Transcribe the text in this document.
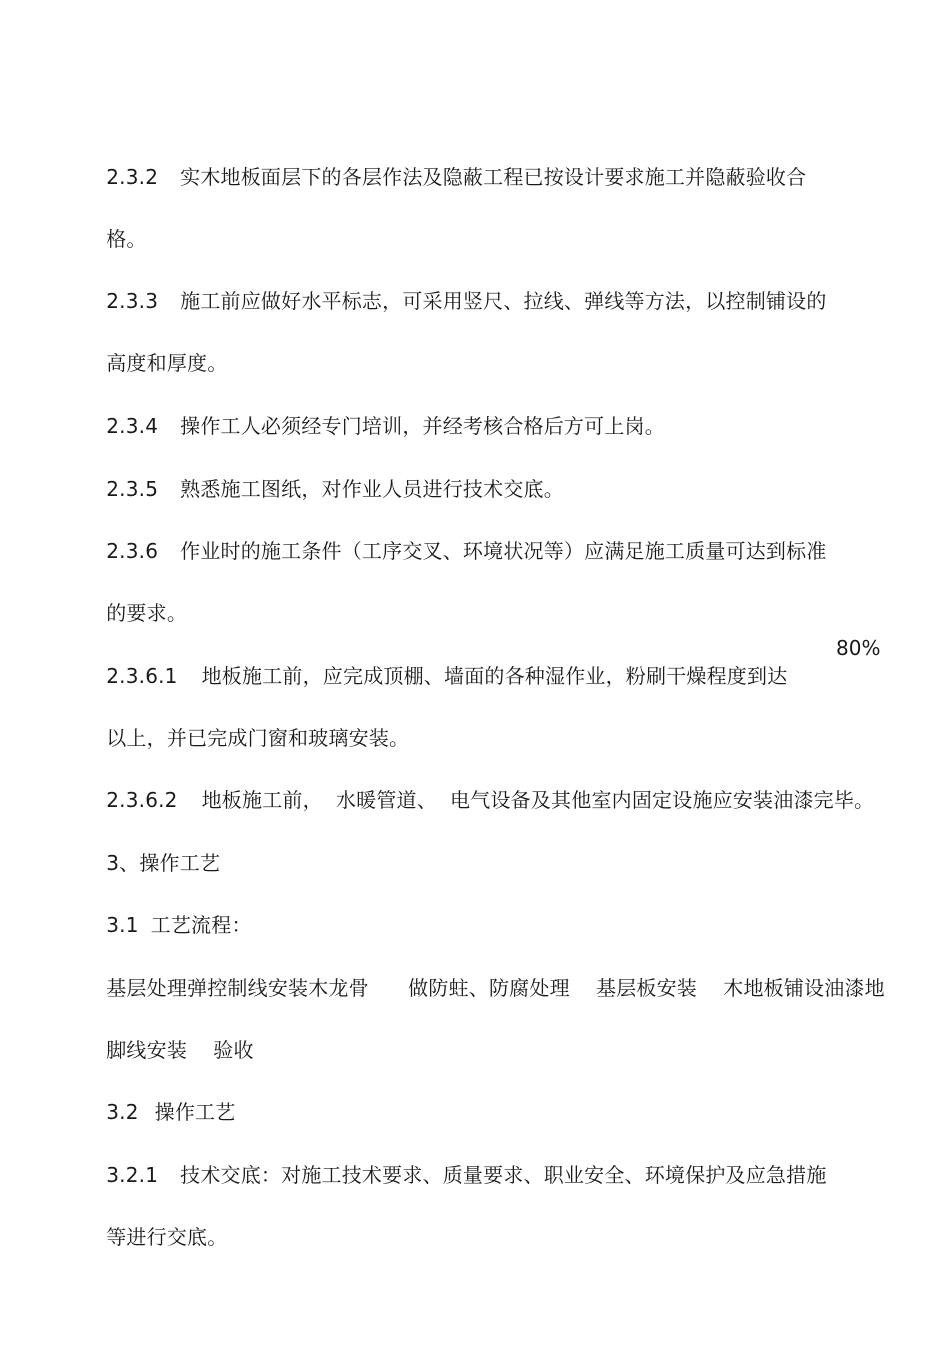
2.3.2 实木地板面层下的各层作法及隐蔽工程已按设计要求施工并隐蔽验收合

格。

2.3.3 施工前应做好水平标志，可采用竖尺、拉线、弹线等方法，以控制铺设的

高度和厚度。

2.3.4 操作工人必须经专门培训，并经考核合格后方可上岗。

2.3.5 熟悉施工图纸，对作业人员进行技术交底。

2.3.6 作业时的施工条件（工序交叉、环境状况等）应满足施工质量可达到标准

的要求。

2.3.6.1 地板施工前，应完成顶棚、墙面的各种湿作业，粉刷干燥程度到达

80%

以上，并已完成门窗和玻璃安装。

2.3.6.2 地板施工前，  水暖管道、  电气设备及其他室内固定设施应安装油漆完毕。

3、操作工艺

3.1 工艺流程：

基层处理弹控制线安装木龙骨      做防蛀、防腐处理    基层板安装    木地板铺设油漆地

脚线安装    验收

3.2 操作工艺

3.2.1 技术交底：对施工技术要求、质量要求、职业安全、环境保护及应急措施

等进行交底。
